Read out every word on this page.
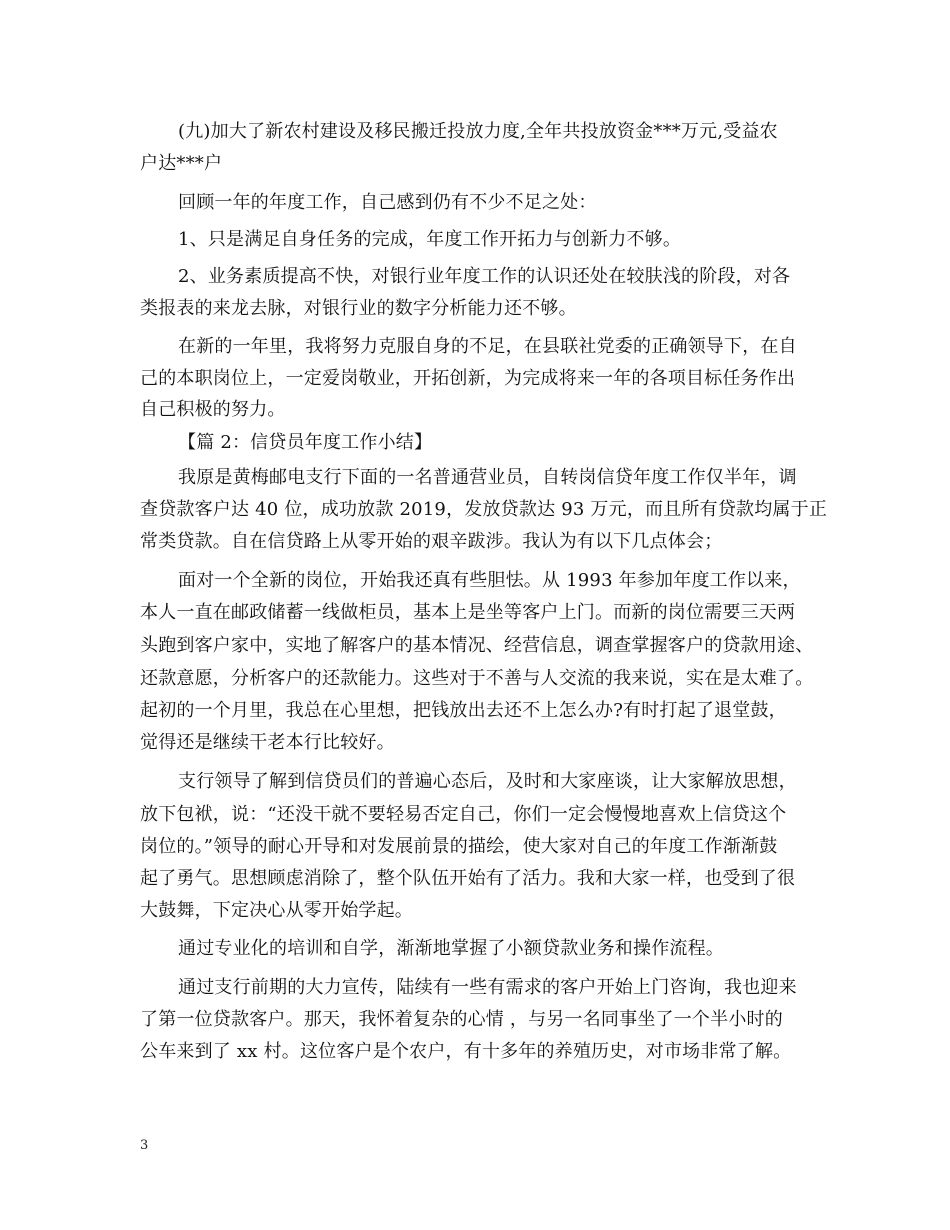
(九)加大了新农村建设及移民搬迁投放力度,全年共投放资金***万元,受益农
户达***户
回顾一年的年度工作，自己感到仍有不少不足之处：
1、只是满足自身任务的完成，年度工作开拓力与创新力不够。
2、业务素质提高不快，对银行业年度工作的认识还处在较肤浅的阶段，对各
类报表的来龙去脉，对银行业的数字分析能力还不够。
在新的一年里，我将努力克服自身的不足，在县联社党委的正确领导下，在自
己的本职岗位上，一定爱岗敬业，开拓创新，为完成将来一年的各项目标任务作出
自己积极的努力。
【篇 2：信贷员年度工作小结】
我原是黄梅邮电支行下面的一名普通营业员，自转岗信贷年度工作仅半年，调
查贷款客户达 40 位，成功放款 2019，发放贷款达 93 万元，而且所有贷款均属于正
常类贷款。自在信贷路上从零开始的艰辛跋涉。我认为有以下几点体会；
面对一个全新的岗位，开始我还真有些胆怯。从 1993 年参加年度工作以来，
本人一直在邮政储蓄一线做柜员，基本上是坐等客户上门。而新的岗位需要三天两
头跑到客户家中，实地了解客户的基本情况、经营信息，调查掌握客户的贷款用途、
还款意愿，分析客户的还款能力。这些对于不善与人交流的我来说，实在是太难了。
起初的一个月里，我总在心里想，把钱放出去还不上怎么办?有时打起了退堂鼓，
觉得还是继续干老本行比较好。
支行领导了解到信贷员们的普遍心态后，及时和大家座谈，让大家解放思想，
放下包袱，说：“还没干就不要轻易否定自己，你们一定会慢慢地喜欢上信贷这个
岗位的。”领导的耐心开导和对发展前景的描绘，使大家对自己的年度工作渐渐鼓
起了勇气。思想顾虑消除了，整个队伍开始有了活力。我和大家一样，也受到了很
大鼓舞，下定决心从零开始学起。
通过专业化的培训和自学，渐渐地掌握了小额贷款业务和操作流程。
通过支行前期的大力宣传，陆续有一些有需求的客户开始上门咨询，我也迎来
了第一位贷款客户。那天，我怀着复杂的心情 ，与另一名同事坐了一个半小时的
公车来到了 xx 村。这位客户是个农户，有十多年的养殖历史，对市场非常了解。
3
